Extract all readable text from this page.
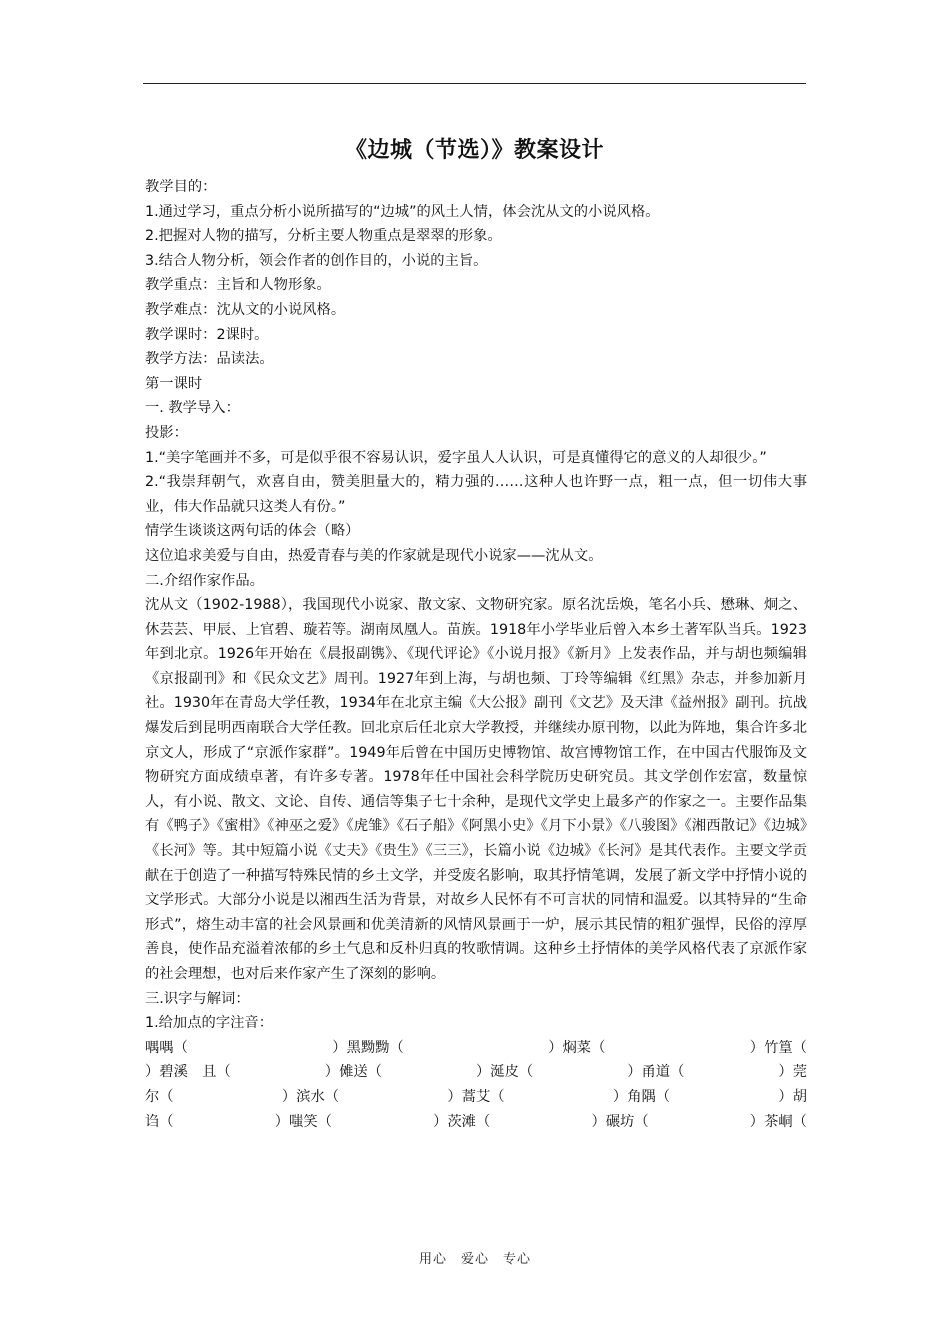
《边城（节选）》教案设计

教学目的：

1.通过学习，重点分析小说所描写的“边城”的风土人情，体会沈从文的小说风格。

2.把握对人物的描写，分析主要人物重点是翠翠的形象。

3.结合人物分析，领会作者的创作目的，小说的主旨。

教学重点：主旨和人物形象。

教学难点：沈从文的小说风格。

教学课时：2课时。

教学方法：品读法。

第一课时

一. 教学导入：

投影：

1.“美字笔画并不多，可是似乎很不容易认识，爱字虽人人认识，可是真懂得它的意义的人却很少。”

2.“我崇拜朝气，欢喜自由，赞美胆量大的，精力强的……这种人也许野一点，粗一点，但一切伟大事业，伟大作品就只这类人有份。”

情学生谈谈这两句话的体会（略）

这位追求美爱与自由，热爱青春与美的作家就是现代小说家——沈从文。

二.介绍作家作品。

沈从文（1902-1988），我国现代小说家、散文家、文物研究家。原名沈岳焕，笔名小兵、懋琳、炯之、休芸芸、甲辰、上官碧、璇若等。湖南凤凰人。苗族。1918年小学毕业后曾入本乡土著军队当兵。1923年到北京。1926年开始在《晨报副镌》、《现代评论》《小说月报》《新月》上发表作品，并与胡也频编辑《京报副刊》和《民众文艺》周刊。1927年到上海，与胡也频、丁玲等编辑《红黑》杂志，并参加新月社。1930年在青岛大学任教，1934年在北京主编《大公报》副刊《文艺》及天津《益州报》副刊。抗战爆发后到昆明西南联合大学任教。回北京后任北京大学教授，并继续办原刊物，以此为阵地，集合许多北京文人，形成了“京派作家群”。1949年后曾在中国历史博物馆、故宫博物馆工作，在中国古代服饰及文物研究方面成绩卓著，有许多专著。1978年任中国社会科学院历史研究员。其文学创作宏富，数量惊人，有小说、散文、文论、自传、通信等集子七十余种，是现代文学史上最多产的作家之一。主要作品集有《鸭子》《蜜柑》《神巫之爱》《虎雏》《石子船》《阿黑小史》《月下小景》《八骏图》《湘西散记》《边城》《长河》等。其中短篇小说《丈夫》《贵生》《三三》，长篇小说《边城》《长河》是其代表作。主要文学贡献在于创造了一种描写特殊民情的乡土文学，并受废名影响，取其抒情笔调，发展了新文学中抒情小说的文学形式。大部分小说是以湘西生活为背景，对故乡人民怀有不可言状的同情和温爱。以其特异的“生命形式”，熔生动丰富的社会风景画和优美清新的风情风景画于一炉，展示其民情的粗犷强悍，民俗的淳厚善良，使作品充溢着浓郁的乡土气息和反朴归真的牧歌情调。这种乡土抒情体的美学风格代表了京派作家的社会理想，也对后来作家产生了深刻的影响。

三.识字与解词：

1.给加点的字注音：

喁喁（	）黑黝黝（	）焖菜（	）竹篁（
）碧溪　且（	）傩送（	）涎皮（	）甬道（	）莞
尔（	）滨水（	）蒿艾（	）角隅（	）胡
诌（	）嗤笑（	）茨滩（	）碾坊（	）茶峒（
用心　爱心　专心
